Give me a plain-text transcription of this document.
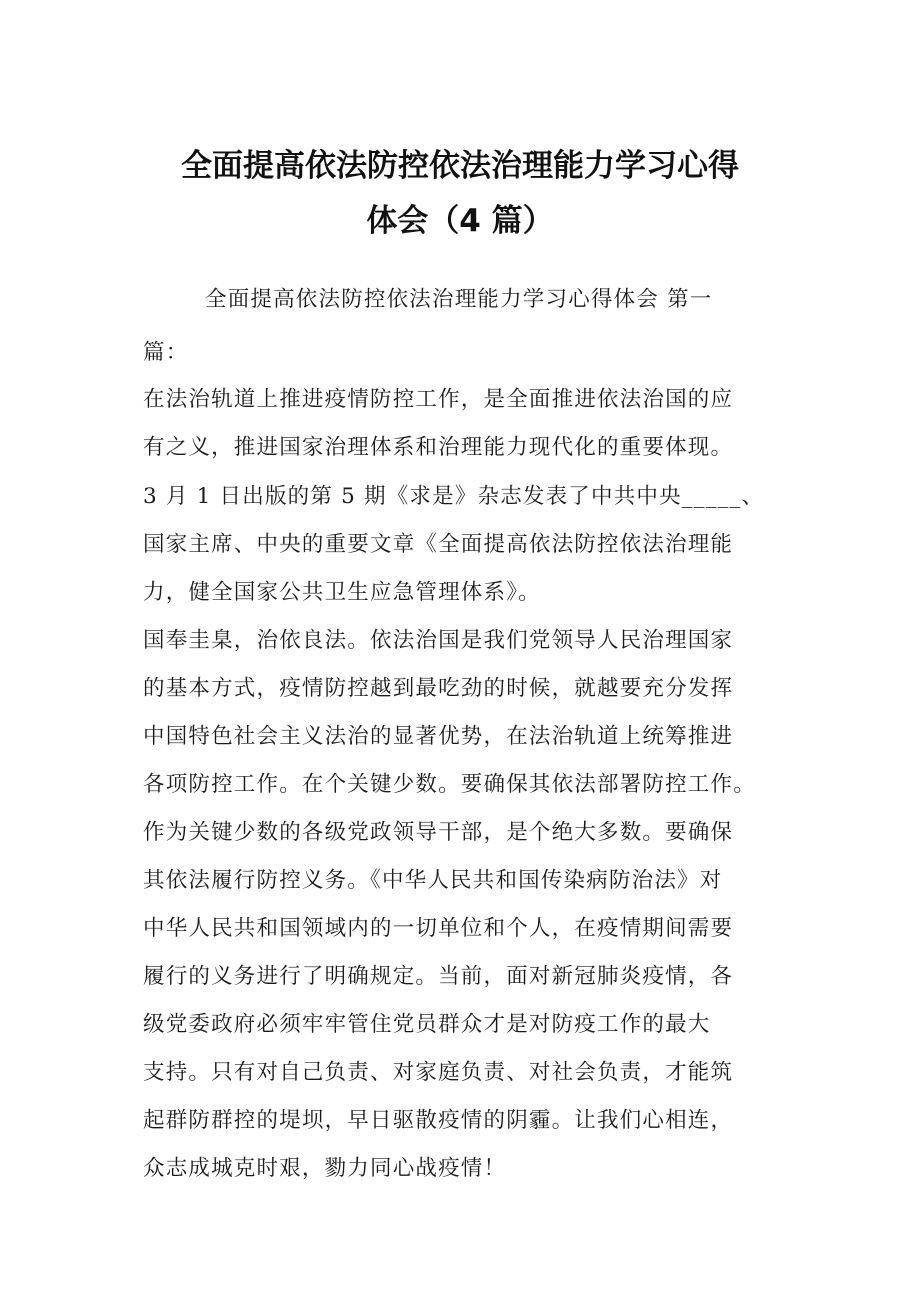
全面提高依法防控依法治理能力学习心得
体会（4 篇）
全面提高依法防控依法治理能力学习心得体会 第一
篇：
在法治轨道上推进疫情防控工作，是全面推进依法治国的应
有之义，推进国家治理体系和治理能力现代化的重要体现。
3 月 1 日出版的第 5 期《求是》杂志发表了中共中央_____、
国家主席、中央的重要文章《全面提高依法防控依法治理能
力，健全国家公共卫生应急管理体系》。
国奉圭臬，治依良法。依法治国是我们党领导人民治理国家
的基本方式，疫情防控越到最吃劲的时候，就越要充分发挥
中国特色社会主义法治的显著优势，在法治轨道上统筹推进
各项防控工作。在个关键少数。要确保其依法部署防控工作。
作为关键少数的各级党政领导干部，是个绝大多数。要确保
其依法履行防控义务。《中华人民共和国传染病防治法》对
中华人民共和国领域内的一切单位和个人，在疫情期间需要
履行的义务进行了明确规定。当前，面对新冠肺炎疫情，各
级党委政府必须牢牢管住党员群众才是对防疫工作的最大
支持。只有对自己负责、对家庭负责、对社会负责，才能筑
起群防群控的堤坝，早日驱散疫情的阴霾。让我们心相连，
众志成城克时艰，勠力同心战疫情！
